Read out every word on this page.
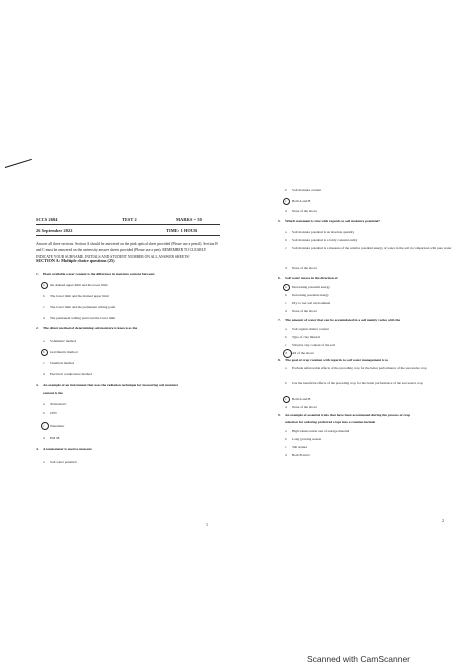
SCCS 2684	TEST 2	MARKS = 50
26 September 2022	TIME: 1 HOUR
Answer all three sections. Section A should be answered on the pink optical sheet provided (Please use a pencil). Section B and C must be answered on the university answer sheets provided (Please use a pen). REMEMBER TO CLEARLY INDICATE YOUR SURNAME, INITIALS AND STUDENT NUMBER ON ALL ANSWER SHEETS!
SECTION A: Multiple choice questions (25)
1. Plant available water content is the difference in moisture content between:
a the drained upper limit and the lower limit
b The lower limit and the drained upper limit
c The lower limit and the permanent wilting point
d The permanent wilting point and the lower limit
2. The direct method of determining soil moisture is known as the
a Volumetric method
b Gravimetric method
c Chemical method
d Electrical conductance method
3. An example of an instrument that uses the radiation technique for measuring soil moisture
content is the
a Tensiometer
b CPN
c Watermarr
d EM 38
4. A tensiometer is used to measure
a Soil water potential
1
b Soil moisture content
c Both A and B
d None of the above
5. Which statement is true with regards to soil moisture potential?
a Soil moisture potential is an absolute quantity
b Soil moisture potential is a fairly constant entity
c Soil moisture potential is a measure of the relative potential energy of water in the soil in comparison with pure water
d None of the above
6. Soil water moves in the direction of
a Decreasing potential energy
b Increasing potential energy
c Dry to wet soil environment
d None of the above
7. The amount of water that can be accumulated in a soil mainly varies with the
a Soil organic matter content
b Type of clay mineral
c Silt plus clay content of the soil
d All of the above
8. The goal of crop rotation with regards to soil water management is to
a Exclude unfavorable effects of the preceding crop for the better performance of the successive crop
b Use the beneficial effects of the preceding crop for the better performance of the successive crop
c Both A and B
d None of the above
9. An example of essential traits that have been accentuated during the process of crop
selection for ordering preferred crops into a rotation include
a High translocation rate of storage material
b Long growing season
c Tall stature
d Both B and C
2
Scanned with CamScanner
